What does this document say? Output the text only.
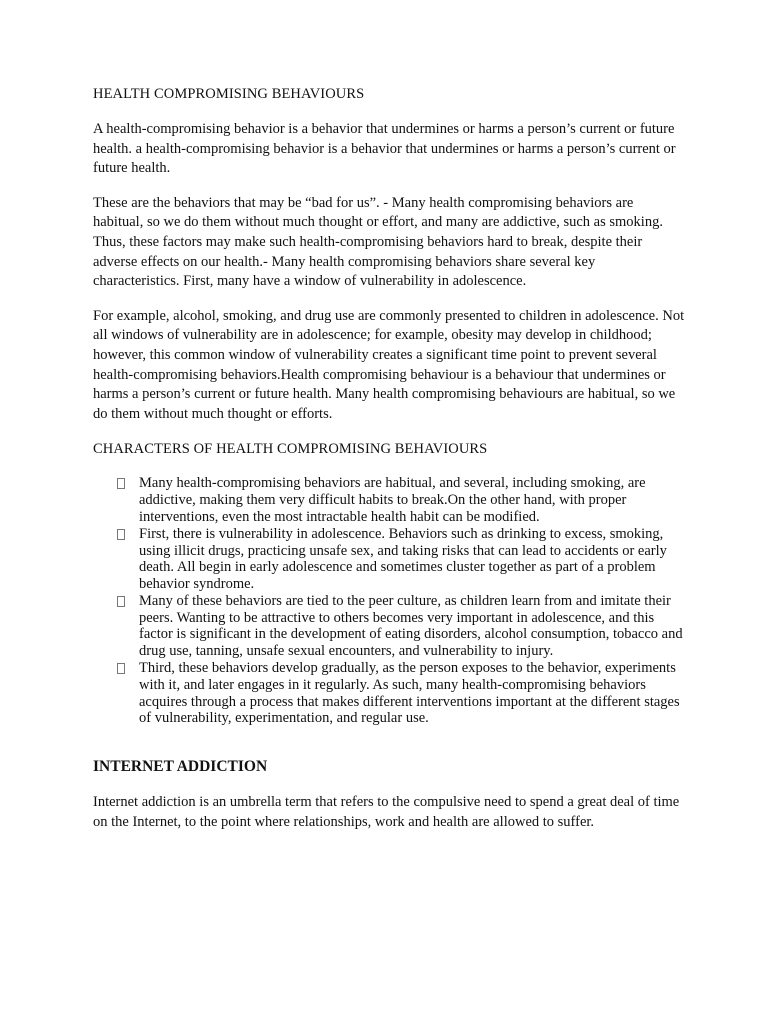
HEALTH COMPROMISING BEHAVIOURS

A health-compromising behavior is a behavior that undermines or harms a person’s current or future health. a health-compromising behavior is a behavior that undermines or harms a person’s current or future health.

These are the behaviors that may be “bad for us”. - Many health compromising behaviors are habitual, so we do them without much thought or effort, and many are addictive, such as smoking. Thus, these factors may make such health-compromising behaviors hard to break, despite their adverse effects on our health.- Many health compromising behaviors share several key characteristics. First, many have a window of vulnerability in adolescence.

For example, alcohol, smoking, and drug use are commonly presented to children in adolescence. Not all windows of vulnerability are in adolescence; for example, obesity may develop in childhood; however, this common window of vulnerability creates a significant time point to prevent several health-compromising behaviors.Health compromising behaviour is a behaviour that undermines or harms a person’s current or future health. Many health compromising behaviours are habitual, so we do them without much thought or efforts.

CHARACTERS OF HEALTH COMPROMISING BEHAVIOURS
Many health-compromising behaviors are habitual, and several, including smoking, are addictive, making them very difficult habits to break.On the other hand, with proper interventions, even the most intractable health habit can be modified.
First, there is vulnerability in adolescence. Behaviors such as drinking to excess, smoking, using illicit drugs, practicing unsafe sex, and taking risks that can lead to accidents or early death. All begin in early adolescence and sometimes cluster together as part of a problem behavior syndrome.
Many of these behaviors are tied to the peer culture, as children learn from and imitate their peers. Wanting to be attractive to others becomes very important in adolescence, and this factor is significant in the development of eating disorders, alcohol consumption, tobacco and drug use, tanning, unsafe sexual encounters, and vulnerability to injury.
Third, these behaviors develop gradually, as the person exposes to the behavior, experiments with it, and later engages in it regularly. As such, many health-compromising behaviors acquires through a process that makes different interventions important at the different stages of vulnerability, experimentation, and regular use.
INTERNET ADDICTION

Internet addiction is an umbrella term that refers to the compulsive need to spend a great deal of time on the Internet, to the point where relationships, work and health are allowed to suffer.
